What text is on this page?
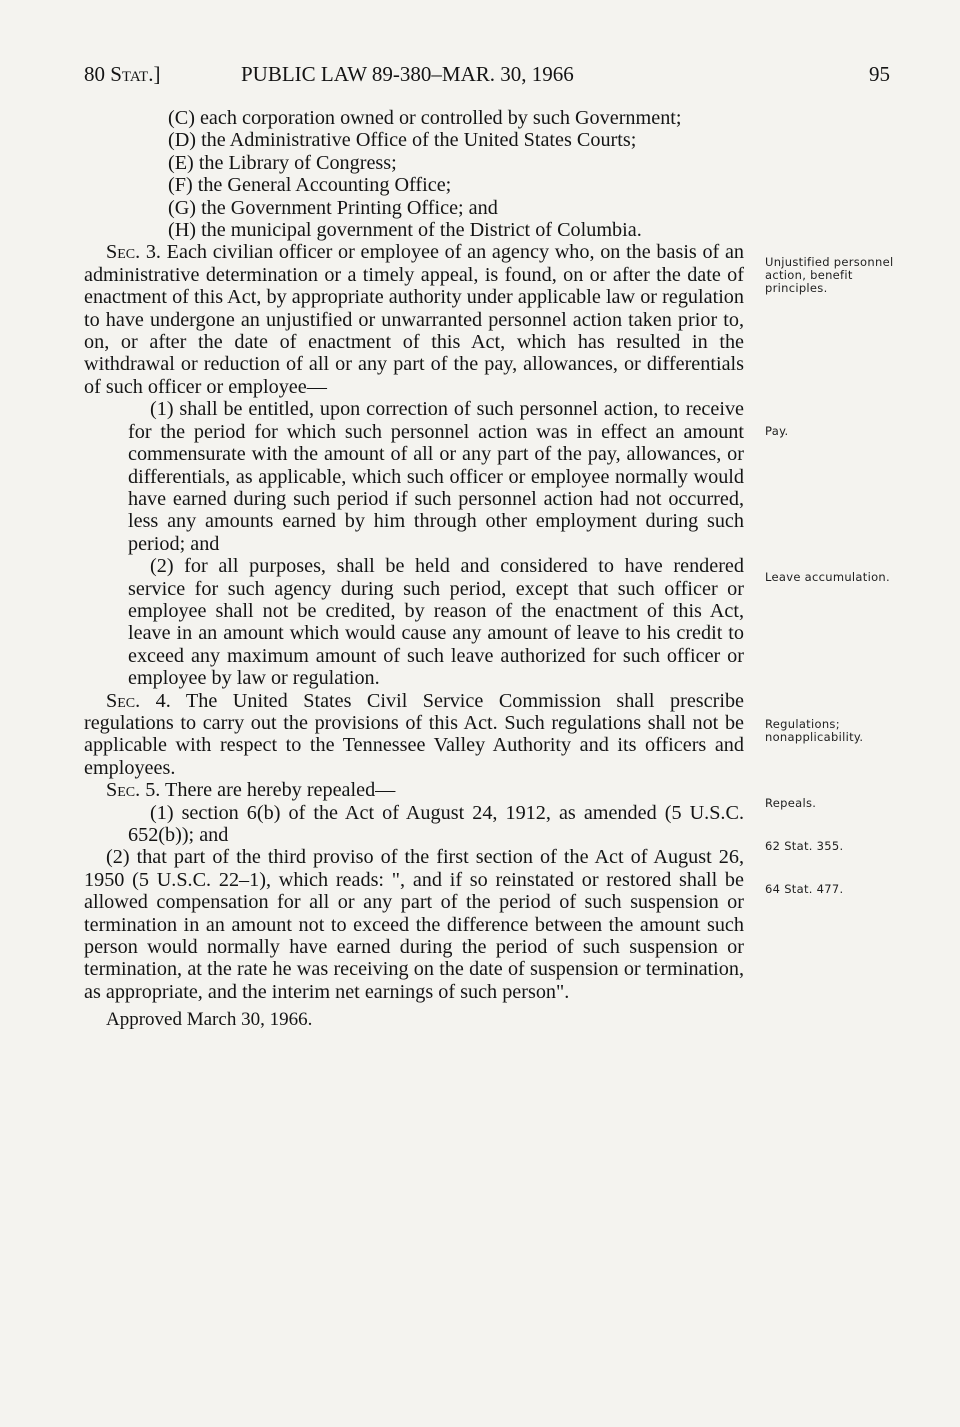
80 Stat.]	PUBLIC LAW 89-380–MAR. 30, 1966	95

(C) each corporation owned or controlled by such Government;

(D) the Administrative Office of the United States Courts;

(E) the Library of Congress;

(F) the General Accounting Office;

(G) the Government Printing Office; and

(H) the municipal government of the District of Columbia.

Sec. 3. Each civilian officer or employee of an agency who, on the basis of an administrative determination or a timely appeal, is found, on or after the date of enactment of this Act, by appropriate authority under applicable law or regulation to have undergone an unjustified or unwarranted personnel action taken prior to, on, or after the date of enactment of this Act, which has resulted in the withdrawal or reduction of all or any part of the pay, allowances, or differentials of such officer or employee—

(1) shall be entitled, upon correction of such personnel action, to receive for the period for which such personnel action was in effect an amount commensurate with the amount of all or any part of the pay, allowances, or differentials, as applicable, which such officer or employee normally would have earned during such period if such personnel action had not occurred, less any amounts earned by him through other employment during such period; and

(2) for all purposes, shall be held and considered to have rendered service for such agency during such period, except that such officer or employee shall not be credited, by reason of the enactment of this Act, leave in an amount which would cause any amount of leave to his credit to exceed any maximum amount of such leave authorized for such officer or employee by law or regulation.

Sec. 4. The United States Civil Service Commission shall prescribe regulations to carry out the provisions of this Act. Such regulations shall not be applicable with respect to the Tennessee Valley Authority and its officers and employees.

Sec. 5. There are hereby repealed—

(1) section 6(b) of the Act of August 24, 1912, as amended (5 U.S.C. 652(b)); and

(2) that part of the third proviso of the first section of the Act of August 26, 1950 (5 U.S.C. 22–1), which reads: ", and if so reinstated or restored shall be allowed compensation for all or any part of the period of such suspension or termination in an amount not to exceed the difference between the amount such person would normally have earned during the period of such suspension or termination, at the rate he was receiving on the date of suspension or termination, as appropriate, and the interim net earnings of such person".

Approved March 30, 1966.

Unjustified personnel action, benefit principles.
Pay.
Leave accumulation.
Regulations; nonapplicability.
Repeals.
62 Stat. 355.
64 Stat. 477.
